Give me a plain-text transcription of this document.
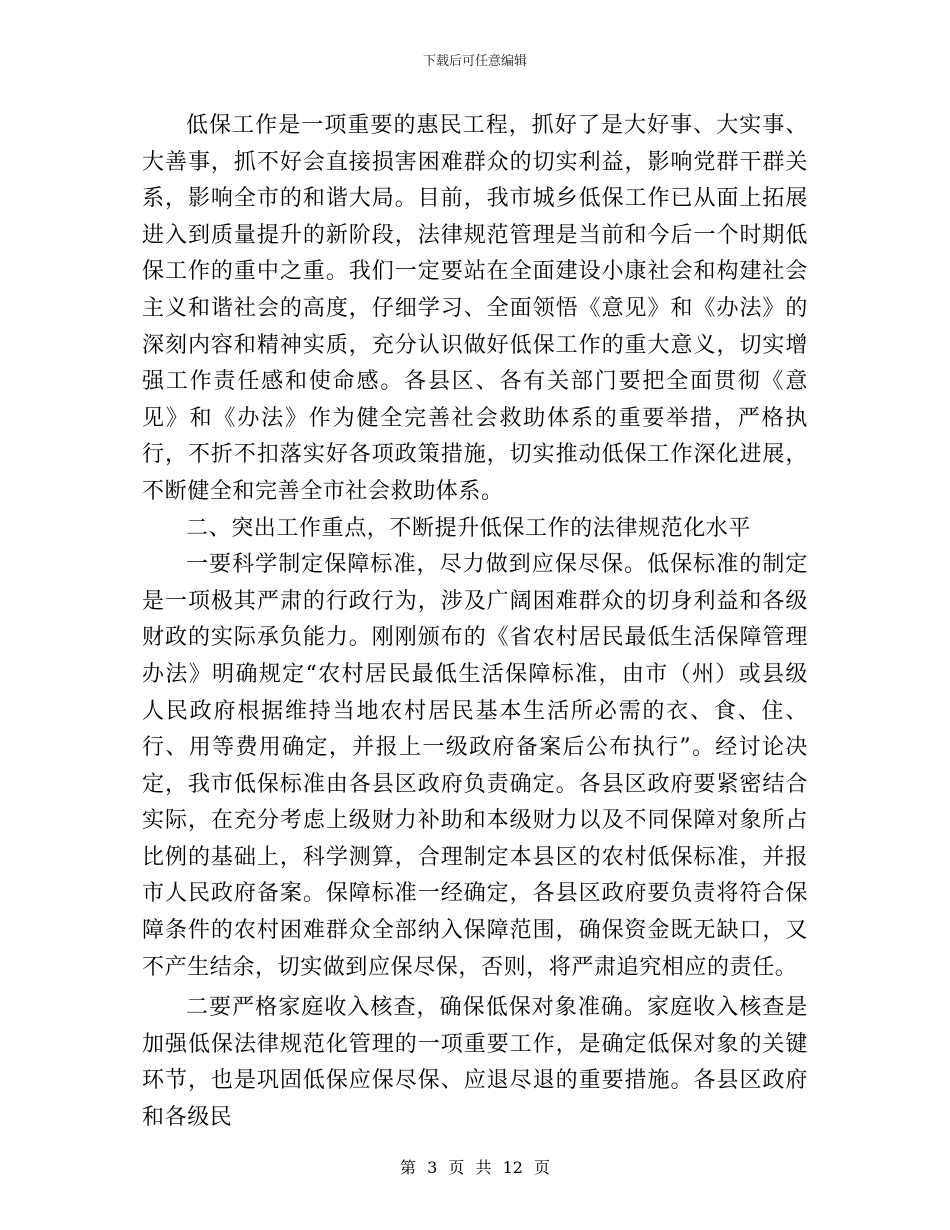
下载后可任意编辑

低保工作是一项重要的惠民工程，抓好了是大好事、大实事、大善事，抓不好会直接损害困难群众的切实利益，影响党群干群关系，影响全市的和谐大局。目前，我市城乡低保工作已从面上拓展进入到质量提升的新阶段，法律规范管理是当前和今后一个时期低保工作的重中之重。我们一定要站在全面建设小康社会和构建社会主义和谐社会的高度，仔细学习、全面领悟《意见》和《办法》的深刻内容和精神实质，充分认识做好低保工作的重大意义，切实增强工作责任感和使命感。各县区、各有关部门要把全面贯彻《意见》和《办法》作为健全完善社会救助体系的重要举措，严格执行，不折不扣落实好各项政策措施，切实推动低保工作深化进展，不断健全和完善全市社会救助体系。

二、突出工作重点，不断提升低保工作的法律规范化水平

一要科学制定保障标准，尽力做到应保尽保。低保标准的制定是一项极其严肃的行政行为，涉及广阔困难群众的切身利益和各级财政的实际承负能力。刚刚颁布的《省农村居民最低生活保障管理办法》明确规定“农村居民最低生活保障标准，由市（州）或县级人民政府根据维持当地农村居民基本生活所必需的衣、食、住、行、用等费用确定，并报上一级政府备案后公布执行”。经讨论决定，我市低保标准由各县区政府负责确定。各县区政府要紧密结合实际，在充分考虑上级财力补助和本级财力以及不同保障对象所占比例的基础上，科学测算，合理制定本县区的农村低保标准，并报市人民政府备案。保障标准一经确定，各县区政府要负责将符合保障条件的农村困难群众全部纳入保障范围，确保资金既无缺口，又不产生结余，切实做到应保尽保，否则，将严肃追究相应的责任。

二要严格家庭收入核查，确保低保对象准确。家庭收入核查是加强低保法律规范化管理的一项重要工作，是确定低保对象的关键环节，也是巩固低保应保尽保、应退尽退的重要措施。各县区政府和各级民

第 3 页 共 12 页
